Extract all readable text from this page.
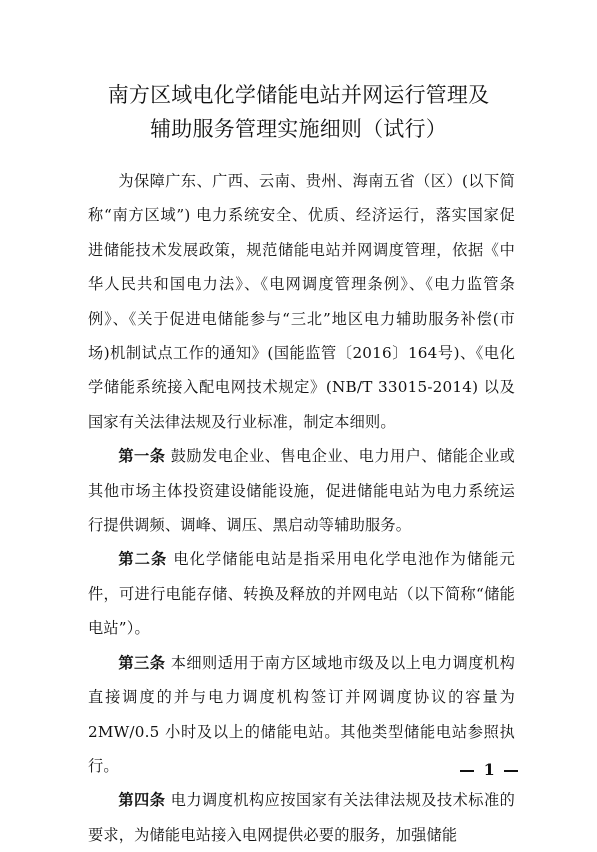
南方区域电化学储能电站并网运行管理及
辅助服务管理实施细则（试行）

为保障广东、广西、云南、贵州、海南五省（区）(以下简称“南方区域”) 电力系统安全、优质、经济运行，落实国家促进储能技术发展政策，规范储能电站并网调度管理，依据《中华人民共和国电力法》、《电网调度管理条例》、《电力监管条例》、《关于促进电储能参与“三北”地区电力辅助服务补偿(市场)机制试点工作的通知》(国能监管〔2016〕164号)、《电化学储能系统接入配电网技术规定》(NB/T 33015-2014) 以及国家有关法律法规及行业标准，制定本细则。

第一条 鼓励发电企业、售电企业、电力用户、储能企业或其他市场主体投资建设储能设施，促进储能电站为电力系统运行提供调频、调峰、调压、黑启动等辅助服务。

第二条 电化学储能电站是指采用电化学电池作为储能元件，可进行电能存储、转换及释放的并网电站（以下简称“储能电站”）。

第三条 本细则适用于南方区域地市级及以上电力调度机构直接调度的并与电力调度机构签订并网调度协议的容量为 2MW/0.5 小时及以上的储能电站。其他类型储能电站参照执行。

第四条 电力调度机构应按国家有关法律法规及技术标准的要求，为储能电站接入电网提供必要的服务，加强储能

1
